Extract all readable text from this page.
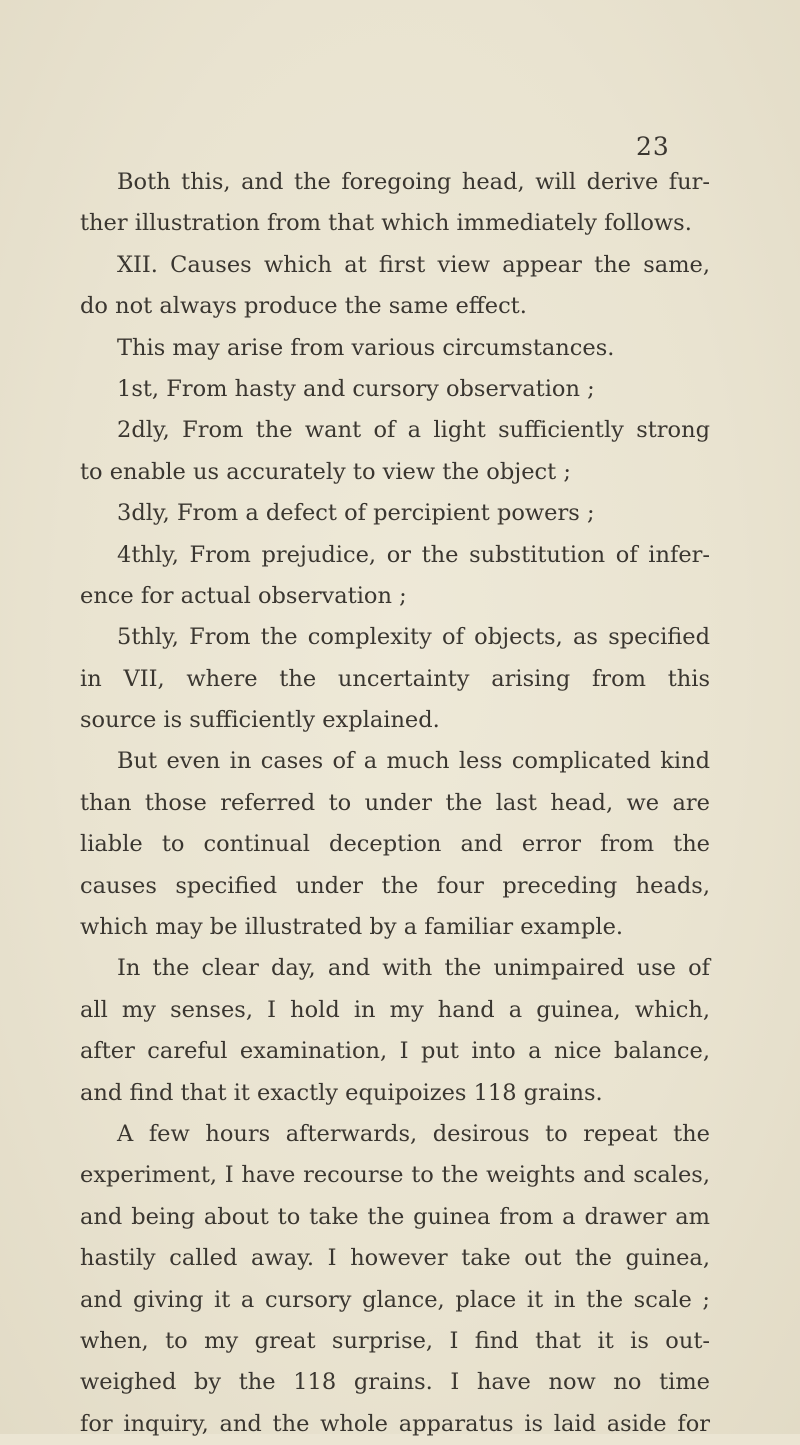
23
Both this, and the foregoing head, will derive fur-
ther illustration from that which immediately follows.
XII. Causes which at first view appear the same,
do not always produce the same effect.
This may arise from various circumstances.
1st, From hasty and cursory observation ;
2dly, From the want of a light sufficiently strong
to enable us accurately to view the object ;
3dly, From a defect of percipient powers ;
4thly, From prejudice, or the substitution of infer-
ence for actual observation ;
5thly, From the complexity of objects, as specified
in VII, where the uncertainty arising from this
source is sufficiently explained.
But even in cases of a much less complicated kind
than those referred to under the last head, we are
liable to continual deception and error from the
causes specified under the four preceding heads,
which may be illustrated by a familiar example.
In the clear day, and with the unimpaired use of
all my senses, I hold in my hand a guinea, which,
after careful examination, I put into a nice balance,
and find that it exactly equipoizes 118 grains.
A few hours afterwards, desirous to repeat the
experiment, I have recourse to the weights and scales,
and being about to take the guinea from a drawer am
hastily called away. I however take out the guinea,
and giving it a cursory glance, place it in the scale ;
when, to my great surprise, I find that it is out-
weighed by the 118 grains. I have now no time
for inquiry, and the whole apparatus is laid aside for
